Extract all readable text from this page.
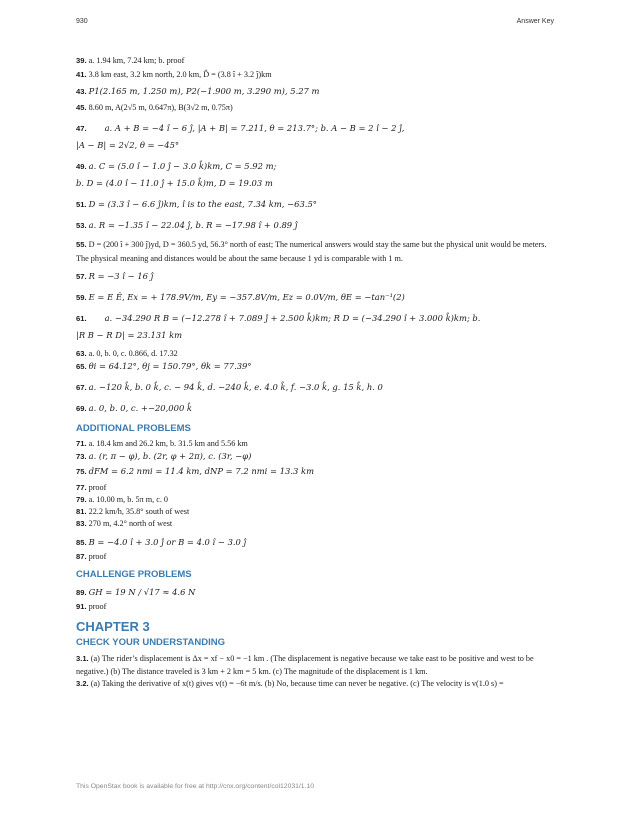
930	Answer Key
39. a. 1.94 km, 7.24 km; b. proof
41. 3.8 km east, 3.2 km north, 2.0 km, D̂ = (3.8 î + 3.2 ĵ)km
43. P1(2.165 m, 1.250 m), P2(−1.900 m, 3.290 m), 5.27 m
45. 8.60 m, A(2√5 m, 0.647π), B(3√2 m, 0.75π)
47. a. A + B = −4 î − 6 ĵ, |A + B| = 7.211, θ = 213.7°; b. A − B = 2 î − 2 ĵ,
|A − B| = 2√2, θ = −45°
49. a. C = (5.0 î − 1.0 ĵ − 3.0 k̂)km, C = 5.92 m;
b. D = (4.0 î − 11.0 ĵ + 15.0 k̂)m, D = 19.03 m
51. D = (3.3 î − 6.6 ĵ)km, î is to the east, 7.34 km, −63.5°
53. a. R = −1.35 î − 22.04 ĵ, b. R = −17.98 î + 0.89 ĵ
55. D = (200 î + 300 ĵ)yd, D = 360.5 yd, 56.3° north of east; The numerical answers would stay the same but the physical unit would be meters. The physical meaning and distances would be about the same because 1 yd is comparable with 1 m.
57. R = −3 î − 16 ĵ
59. E = E Ê, Ex = + 178.9V/m, Ey = −357.8V/m, Ez = 0.0V/m, θE = −tan⁻¹(2)
61. a. −34.290 R B = (−12.278 î + 7.089 ĵ + 2.500 k̂)km; R D = (−34.290 î + 3.000 k̂)km; b.
|R B − R D| = 23.131 km
63. a. 0, b. 0, c. 0.866, d. 17.32
65. θi = 64.12°, θj = 150.79°, θk = 77.39°
67. a. −120 k̂, b. 0 k̂, c. − 94 k̂, d. −240 k̂, e. 4.0 k̂, f. −3.0 k̂, g. 15 k̂, h. 0
69. a. 0, b. 0, c. +−20,000 k̂
ADDITIONAL PROBLEMS
71. a. 18.4 km and 26.2 km, b. 31.5 km and 5.56 km
73. a. (r, π − φ), b. (2r, φ + 2π), c. (3r, −φ)
75. dFM = 6.2 nmi = 11.4 km, dNP = 7.2 nmi = 13.3 km
77. proof
79. a. 10.00 m, b. 5π m, c. 0
81. 22.2 km/h, 35.8° south of west
83. 270 m, 4.2° north of west
85. B = −4.0 î + 3.0 ĵ or B = 4.0 î − 3.0 ĵ
87. proof
CHALLENGE PROBLEMS
89. GH = 19 N / √17 ≈ 4.6 N
91. proof
CHAPTER 3
CHECK YOUR UNDERSTANDING
3.1. (a) The rider’s displacement is Δx = xf − x0 = −1 km . (The displacement is negative because we take east to be positive and west to be negative.) (b) The distance traveled is 3 km + 2 km = 5 km. (c) The magnitude of the displacement is 1 km.
3.2. (a) Taking the derivative of x(t) gives v(t) = −6t m/s. (b) No, because time can never be negative. (c) The velocity is v(1.0 s) =
This OpenStax book is available for free at http://cnx.org/content/col12031/1.10
